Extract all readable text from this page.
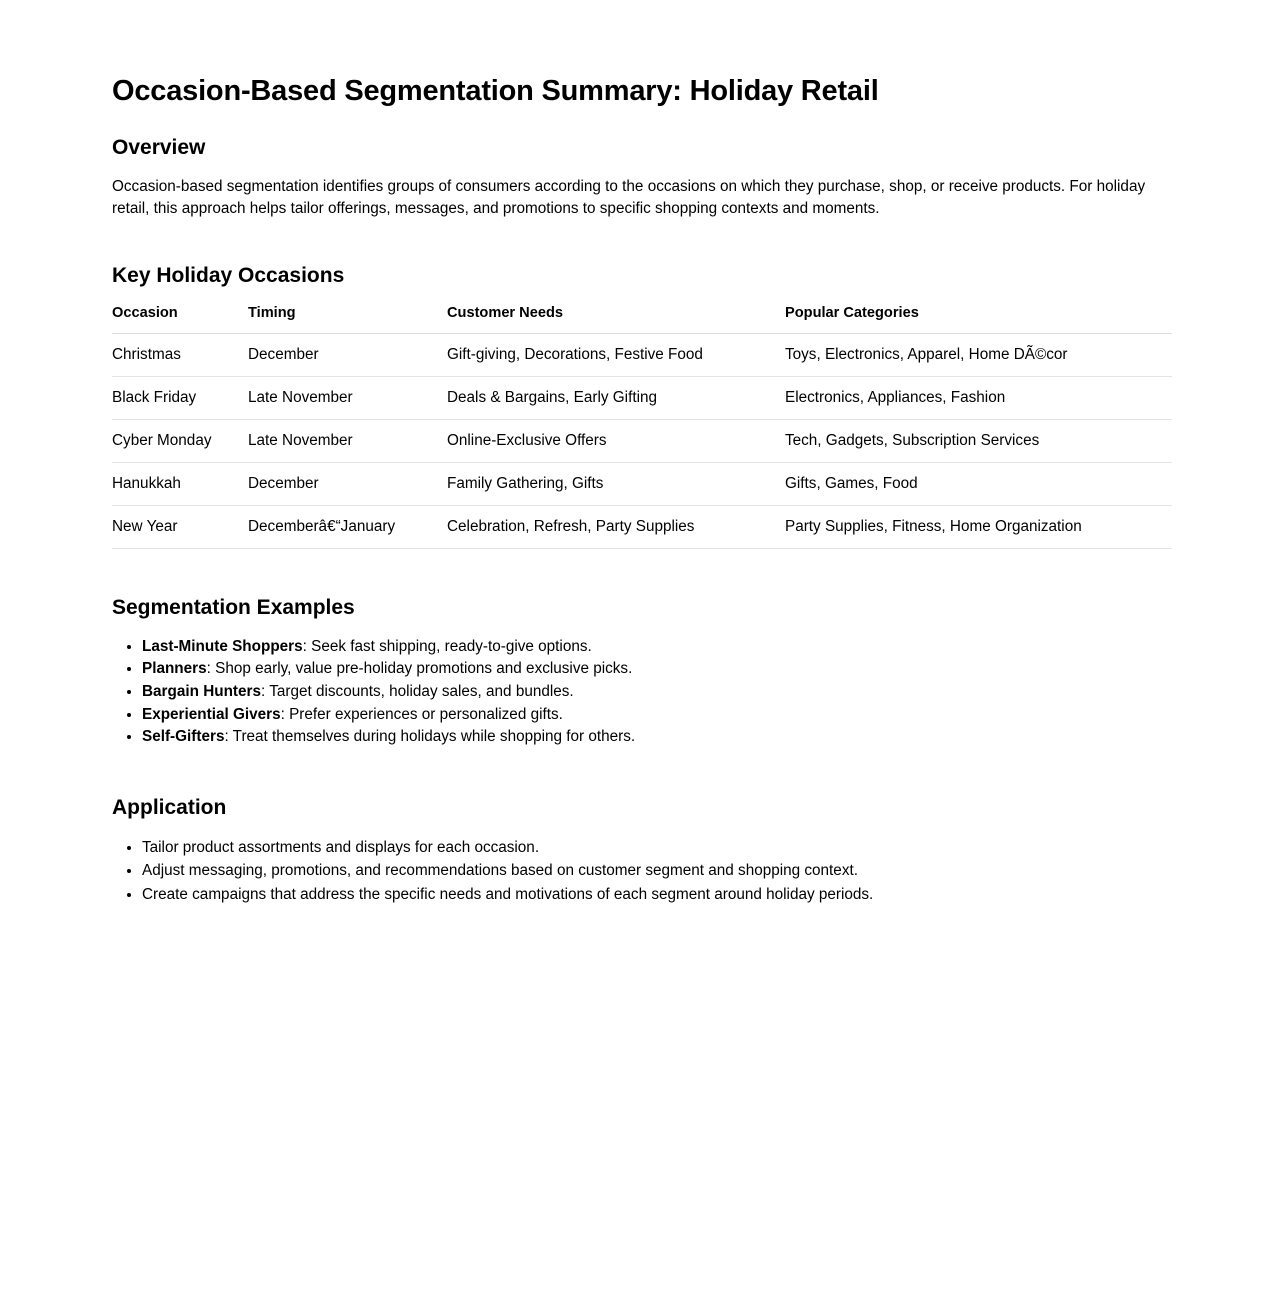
Occasion-Based Segmentation Summary: Holiday Retail
Overview

Occasion-based segmentation identifies groups of consumers according to the occasions on which they purchase, shop, or receive products. For holiday retail, this approach helps tailor offerings, messages, and promotions to specific shopping contexts and moments.

Key Holiday Occasions
Occasion	Timing	Customer Needs	Popular Categories
Christmas	December	Gift-giving, Decorations, Festive Food	Toys, Electronics, Apparel, Home DÃ©cor
Black Friday	Late November	Deals & Bargains, Early Gifting	Electronics, Appliances, Fashion
Cyber Monday	Late November	Online-Exclusive Offers	Tech, Gadgets, Subscription Services
Hanukkah	December	Family Gathering, Gifts	Gifts, Games, Food
New Year	Decemberâ€“January	Celebration, Refresh, Party Supplies	Party Supplies, Fitness, Home Organization
Segmentation Examples
• Last-Minute Shoppers: Seek fast shipping, ready-to-give options.
• Planners: Shop early, value pre-holiday promotions and exclusive picks.
• Bargain Hunters: Target discounts, holiday sales, and bundles.
• Experiential Givers: Prefer experiences or personalized gifts.
• Self-Gifters: Treat themselves during holidays while shopping for others.
Application
• Tailor product assortments and displays for each occasion.
• Adjust messaging, promotions, and recommendations based on customer segment and shopping context.
• Create campaigns that address the specific needs and motivations of each segment around holiday periods.
